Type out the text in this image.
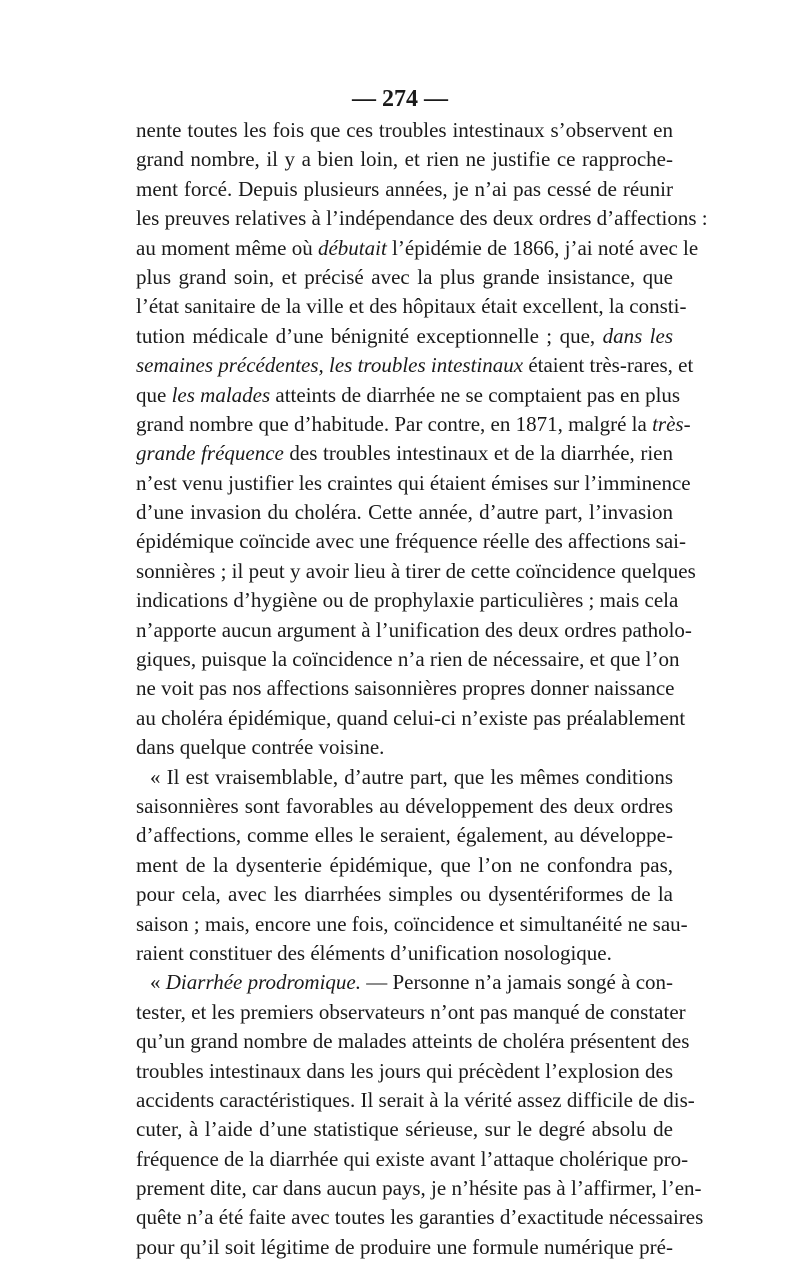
— 274 —
nente toutes les fois que ces troubles intestinaux s’observent en
grand nombre, il y a bien loin, et rien ne justifie ce rapproche-
ment forcé. Depuis plusieurs années, je n’ai pas cessé de réunir
les preuves relatives à l’indépendance des deux ordres d’affections :
au moment même où débutait l’épidémie de 1866, j’ai noté avec le
plus grand soin, et précisé avec la plus grande insistance, que
l’état sanitaire de la ville et des hôpitaux était excellent, la consti-
tution médicale d’une bénignité exceptionnelle ; que, dans les
semaines précédentes, les troubles intestinaux étaient très-rares, et
que les malades atteints de diarrhée ne se comptaient pas en plus
grand nombre que d’habitude. Par contre, en 1871, malgré la très-
grande fréquence des troubles intestinaux et de la diarrhée, rien
n’est venu justifier les craintes qui étaient émises sur l’imminence
d’une invasion du choléra. Cette année, d’autre part, l’invasion
épidémique coïncide avec une fréquence réelle des affections sai-
sonnières ; il peut y avoir lieu à tirer de cette coïncidence quelques
indications d’hygiène ou de prophylaxie particulières ; mais cela
n’apporte aucun argument à l’unification des deux ordres patholo-
giques, puisque la coïncidence n’a rien de nécessaire, et que l’on
ne voit pas nos affections saisonnières propres donner naissance
au choléra épidémique, quand celui-ci n’existe pas préalablement
dans quelque contrée voisine.
« Il est vraisemblable, d’autre part, que les mêmes conditions
saisonnières sont favorables au développement des deux ordres
d’affections, comme elles le seraient, également, au développe-
ment de la dysenterie épidémique, que l’on ne confondra pas,
pour cela, avec les diarrhées simples ou dysentériformes de la
saison ; mais, encore une fois, coïncidence et simultanéité ne sau-
raient constituer des éléments d’unification nosologique.
« Diarrhée prodromique. — Personne n’a jamais songé à con-
tester, et les premiers observateurs n’ont pas manqué de constater
qu’un grand nombre de malades atteints de choléra présentent des
troubles intestinaux dans les jours qui précèdent l’explosion des
accidents caractéristiques. Il serait à la vérité assez difficile de dis-
cuter, à l’aide d’une statistique sérieuse, sur le degré absolu de
fréquence de la diarrhée qui existe avant l’attaque cholérique pro-
prement dite, car dans aucun pays, je n’hésite pas à l’affirmer, l’en-
quête n’a été faite avec toutes les garanties d’exactitude nécessaires
pour qu’il soit légitime de produire une formule numérique pré-
